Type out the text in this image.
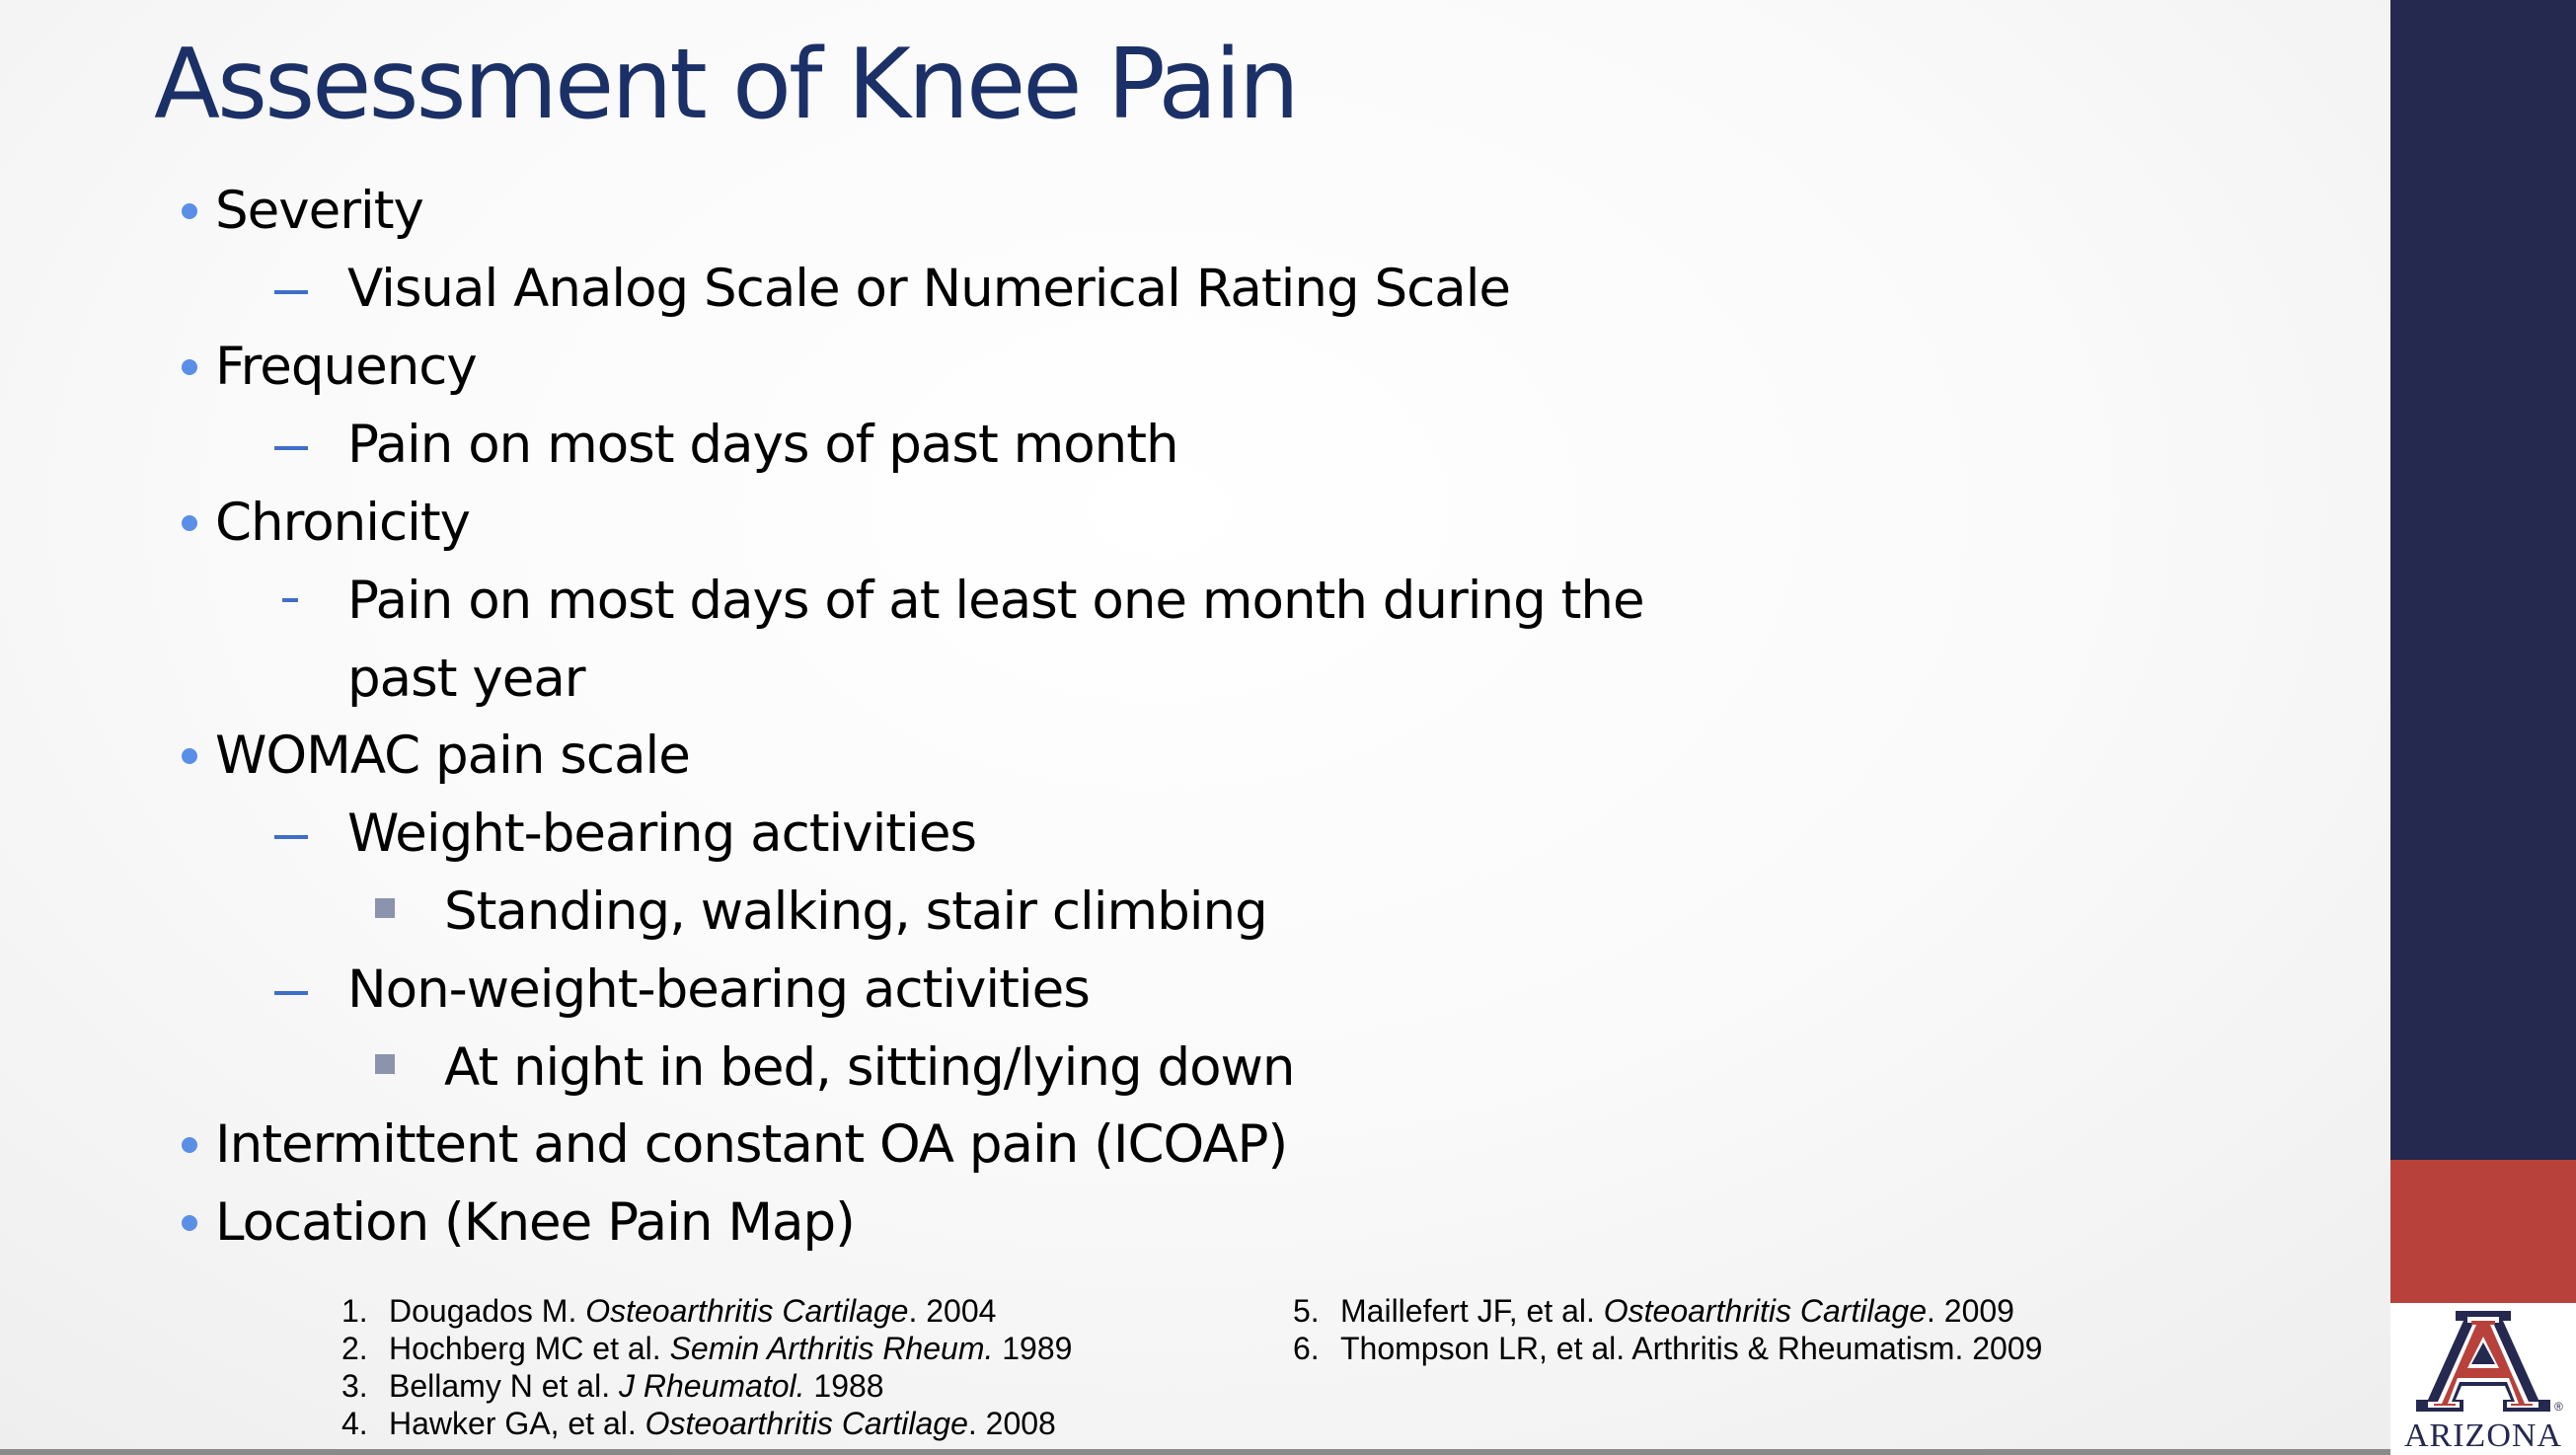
Assessment of Knee Pain
Severity
Visual Analog Scale or Numerical Rating Scale
Frequency
Pain on most days of past month
Chronicity
Pain on most days of at least one month during the
past year
WOMAC pain scale
Weight-bearing activities
Standing, walking, stair climbing
Non-weight-bearing activities
At night in bed, sitting/lying down
Intermittent and constant OA pain (ICOAP)
Location (Knee Pain Map)
1. Dougados M. Osteoarthritis Cartilage. 2004
2. Hochberg MC et al. Semin Arthritis Rheum. 1989
3. Bellamy N et al. J Rheumatol. 1988
4. Hawker GA, et al. Osteoarthritis Cartilage. 2008
5. Maillefert JF, et al. Osteoarthritis Cartilage. 2009
6. Thompson LR, et al. Arthritis & Rheumatism. 2009
®
ARIZONA
